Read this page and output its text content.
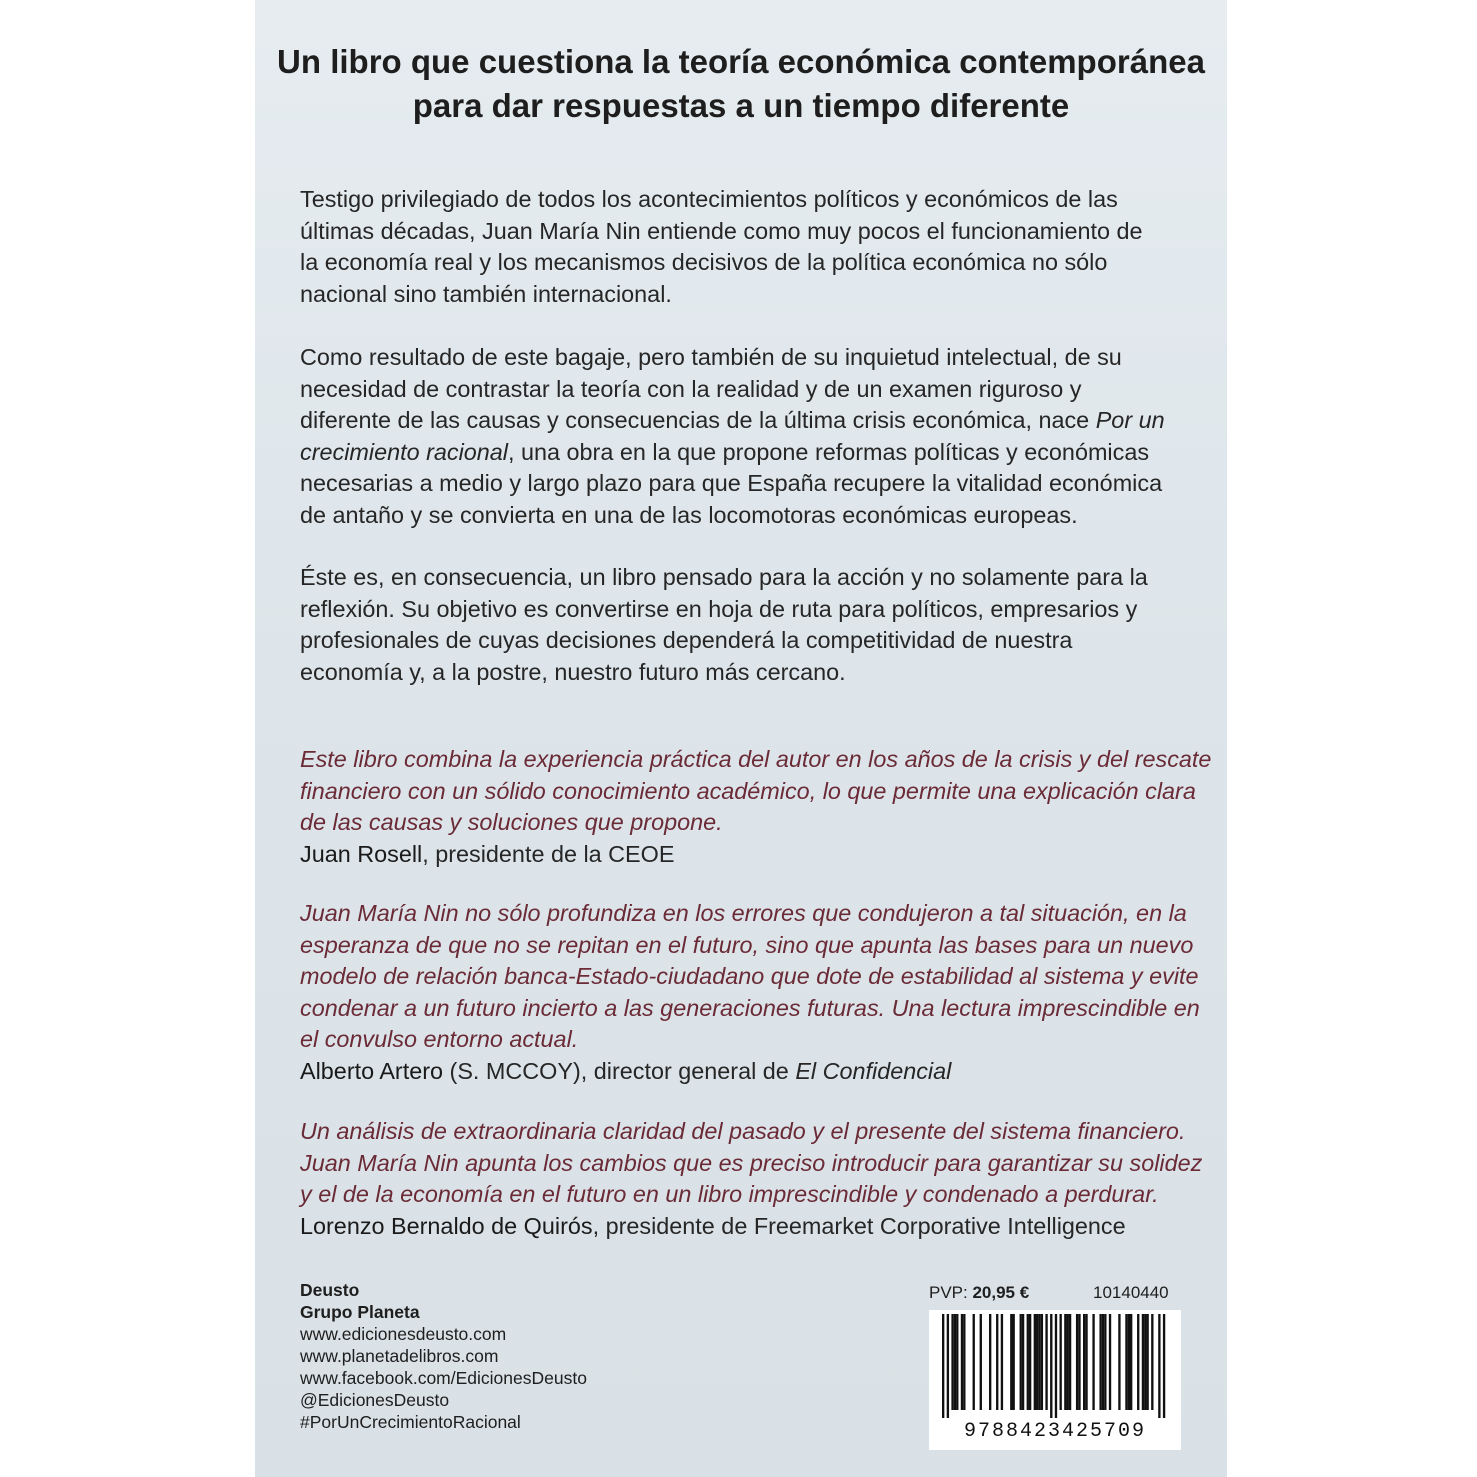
Un libro que cuestiona la teoría económica contemporánea
para dar respuestas a un tiempo diferente

Testigo privilegiado de todos los acontecimientos políticos y económicos de las
últimas décadas, Juan María Nin entiende como muy pocos el funcionamiento de
la economía real y los mecanismos decisivos de la política económica no sólo
nacional sino también internacional.

Como resultado de este bagaje, pero también de su inquietud intelectual, de su
necesidad de contrastar la teoría con la realidad y de un examen riguroso y
diferente de las causas y consecuencias de la última crisis económica, nace Por un
crecimiento racional, una obra en la que propone reformas políticas y económicas
necesarias a medio y largo plazo para que España recupere la vitalidad económica
de antaño y se convierta en una de las locomotoras económicas europeas.

Éste es, en consecuencia, un libro pensado para la acción y no solamente para la
reflexión. Su objetivo es convertirse en hoja de ruta para políticos, empresarios y
profesionales de cuyas decisiones dependerá la competitividad de nuestra
economía y, a la postre, nuestro futuro más cercano.

Este libro combina la experiencia práctica del autor en los años de la crisis y del rescate
financiero con un sólido conocimiento académico, lo que permite una explicación clara
de las causas y soluciones que propone.
Juan Rosell, presidente de la CEOE
Juan María Nin no sólo profundiza en los errores que condujeron a tal situación, en la
esperanza de que no se repitan en el futuro, sino que apunta las bases para un nuevo
modelo de relación banca-Estado-ciudadano que dote de estabilidad al sistema y evite
condenar a un futuro incierto a las generaciones futuras. Una lectura imprescindible en
el convulso entorno actual.
Alberto Artero (S. MCCOY), director general de El Confidencial
Un análisis de extraordinaria claridad del pasado y el presente del sistema financiero.
Juan María Nin apunta los cambios que es preciso introducir para garantizar su solidez
y el de la economía en el futuro en un libro imprescindible y condenado a perdurar.
Lorenzo Bernaldo de Quirós, presidente de Freemarket Corporative Intelligence
Deusto
Grupo Planeta
www.edicionesdeusto.com
www.planetadelibros.com
www.facebook.com/EdicionesDeusto
@EdicionesDeusto
#PorUnCrecimientoRacional
PVP: 20,95 €	10140440
9788423425709
